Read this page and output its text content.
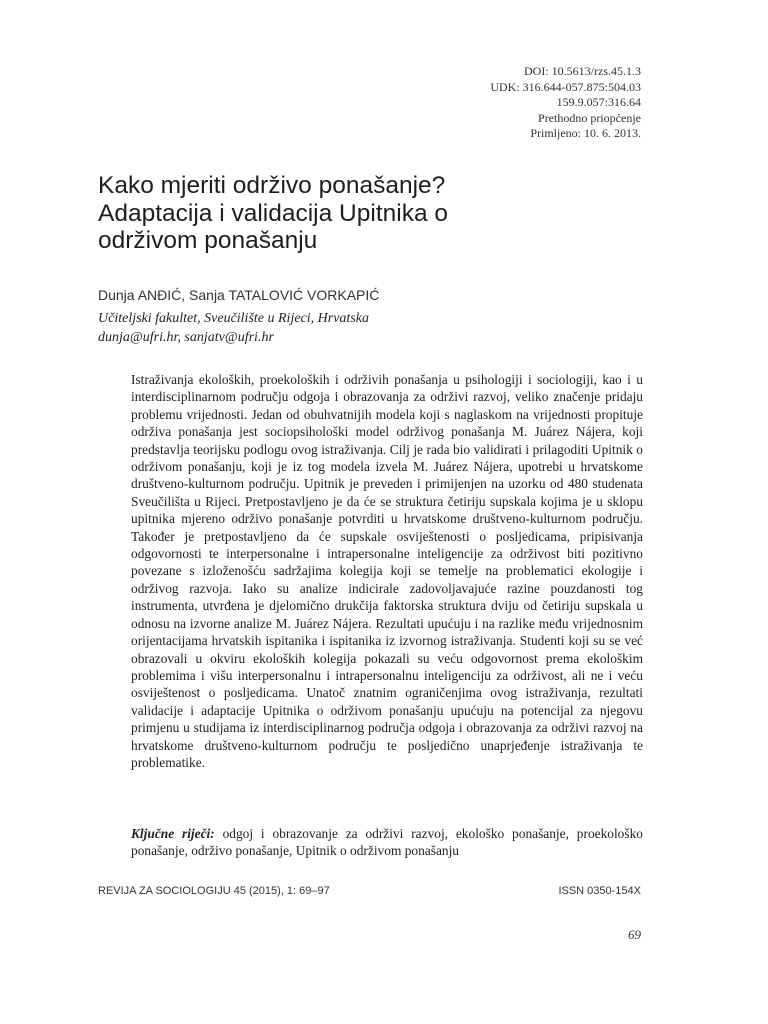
DOI: 10.5613/rzs.45.1.3
UDK: 316.644-057.875:504.03
159.9.057:316.64
Prethodno priopćenje
Primljeno: 10. 6. 2013.
Kako mjeriti održivo ponašanje?
Adaptacija i validacija Upitnika o
održivom ponašanju
Dunja ANĐIĆ, Sanja TATALOVIĆ VORKAPIĆ
Učiteljski fakultet, Sveučilište u Rijeci, Hrvatska
dunja@ufri.hr, sanjatv@ufri.hr

Istraživanja ekoloških, proekoloških i održivih ponašanja u psihologiji i sociologiji, kao i u interdisciplinarnom području odgoja i obrazovanja za održivi razvoj, veliko značenje pridaju problemu vrijednosti. Jedan od obuhvatnijih modela koji s naglaskom na vrijednosti propituje održiva ponašanja jest sociopsihološki model održivog ponašanja M. Juárez Nájera, koji predstavlja teorijsku podlogu ovog istraživanja. Cilj je rada bio validirati i prilagoditi Upitnik o održivom ponašanju, koji je iz tog modela izvela M. Juárez Nájera, upotrebi u hrvatskome društveno-kulturnom području. Upitnik je preveden i primijenjen na uzorku od 480 studenata Sveučilišta u Rijeci. Pretpostavljeno je da će se struktura četiriju supskala kojima je u sklopu upitnika mjereno održivo ponašanje potvrditi u hrvatskome društveno-kulturnom području. Također je pretpostavljeno da će supskale osviještenosti o posljedicama, pripisivanja odgovornosti te interpersonalne i intrapersonalne inteligencije za održivost biti pozitivno povezane s izloženošću sadržajima kolegija koji se temelje na problematici ekologije i održivog razvoja. Iako su analize indicirale zadovoljavajuće razine pouzdanosti tog instrumenta, utvrđena je djelomično drukčija faktorska struktura dviju od četiriju supskala u odnosu na izvorne analize M. Juárez Nájera. Rezultati upućuju i na razlike među vrijednosnim orijentacijama hrvatskih ispitanika i ispitanika iz izvornog istraživanja. Studenti koji su se već obrazovali u okviru ekoloških kolegija pokazali su veću odgovornost prema ekološkim problemima i višu interpersonalnu i intrapersonalnu inteligenciju za održivost, ali ne i veću osviještenost o posljedicama. Unatoč znatnim ograničenjima ovog istraživanja, rezultati validacije i adaptacije Upitnika o održivom ponašanju upućuju na potencijal za njegovu primjenu u studijama iz interdisciplinarnog područja odgoja i obrazovanja za održivi razvoj na hrvatskome društveno-kulturnom području te posljedično unaprjeđenje istraživanja te problematike.

Ključne riječi: odgoj i obrazovanje za održivi razvoj, ekološko ponašanje, proekološko ponašanje, održivo ponašanje, Upitnik o održivom ponašanju

REVIJA ZA SOCIOLOGIJU 45 (2015), 1: 69–97	ISSN 0350-154X
69
